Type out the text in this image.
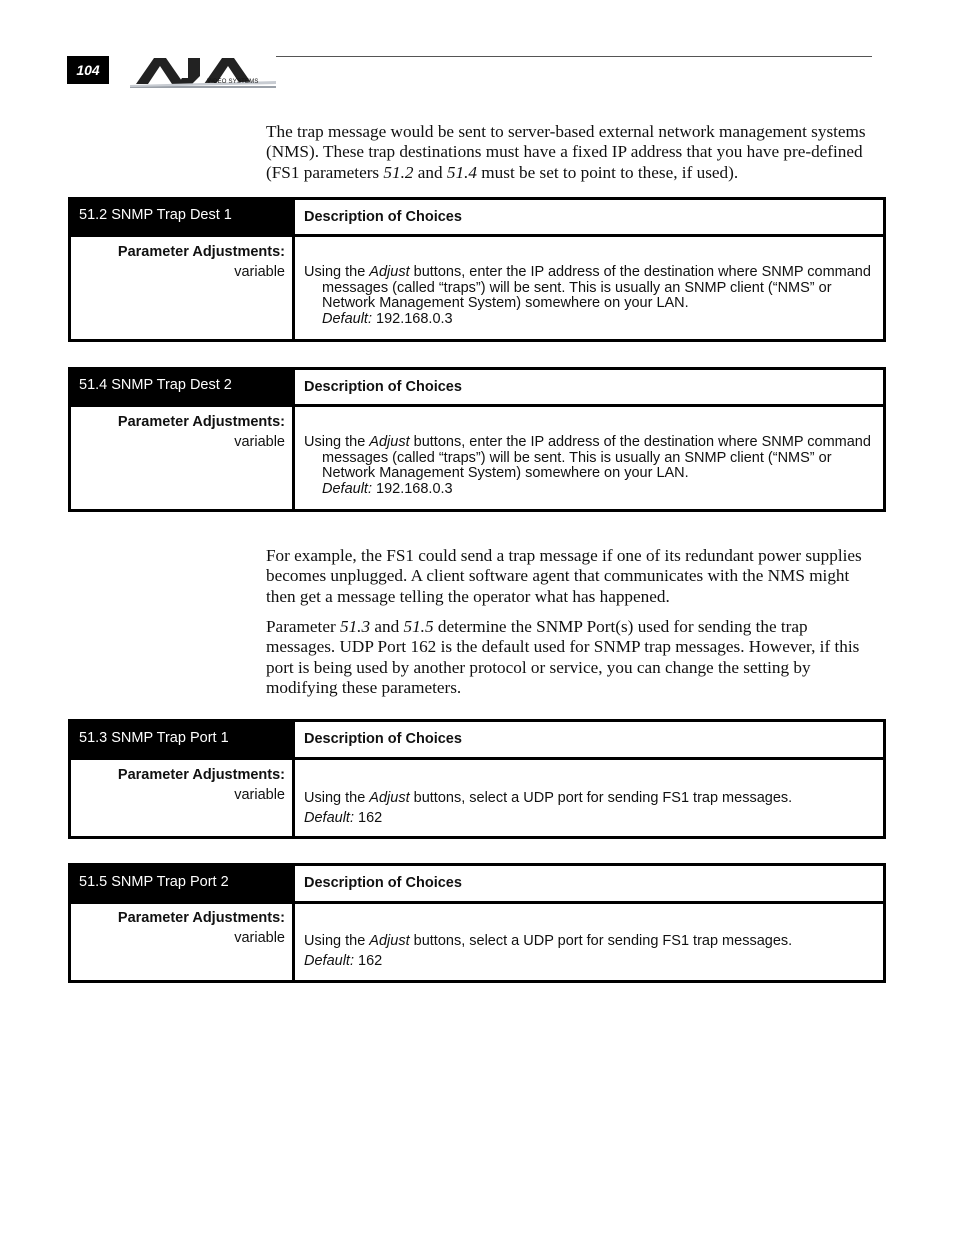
104
VIDEO SYSTEMS

The trap message would be sent to server-based external network management systems (NMS). These trap destinations must have a fixed IP address that you have pre-defined (FS1 parameters 51.2 and 51.4 must be set to point to these, if used).

51.2 SNMP Trap Dest 1	Description of Choices
Parameter Adjustments:
variable	Using the Adjust buttons, enter the IP address of the destination where SNMP command messages (called “traps”) will be sent. This is usually an SNMP client (“NMS” or Network Management System) somewhere on your LAN.

Default: 192.168.0.3

51.4 SNMP Trap Dest 2	Description of Choices
Parameter Adjustments:
variable	Using the Adjust buttons, enter the IP address of the destination where SNMP command messages (called “traps”) will be sent. This is usually an SNMP client (“NMS” or Network Management System) somewhere on your LAN.

Default: 192.168.0.3

For example, the FS1 could send a trap message if one of its redundant power supplies becomes unplugged. A client software agent that communicates with the NMS might then get a message telling the operator what has happened.

Parameter 51.3 and 51.5 determine the SNMP Port(s) used for sending the trap messages. UDP Port 162 is the default used for SNMP trap messages. However, if this port is being used by another protocol or service, you can change the setting by modifying these parameters.

51.3 SNMP Trap Port 1	Description of Choices
Parameter Adjustments:
variable	Using the Adjust buttons, select a UDP port for sending FS1 trap messages.

Default: 162

51.5 SNMP Trap Port 2	Description of Choices
Parameter Adjustments:
variable	Using the Adjust buttons, select a UDP port for sending FS1 trap messages.

Default: 162
